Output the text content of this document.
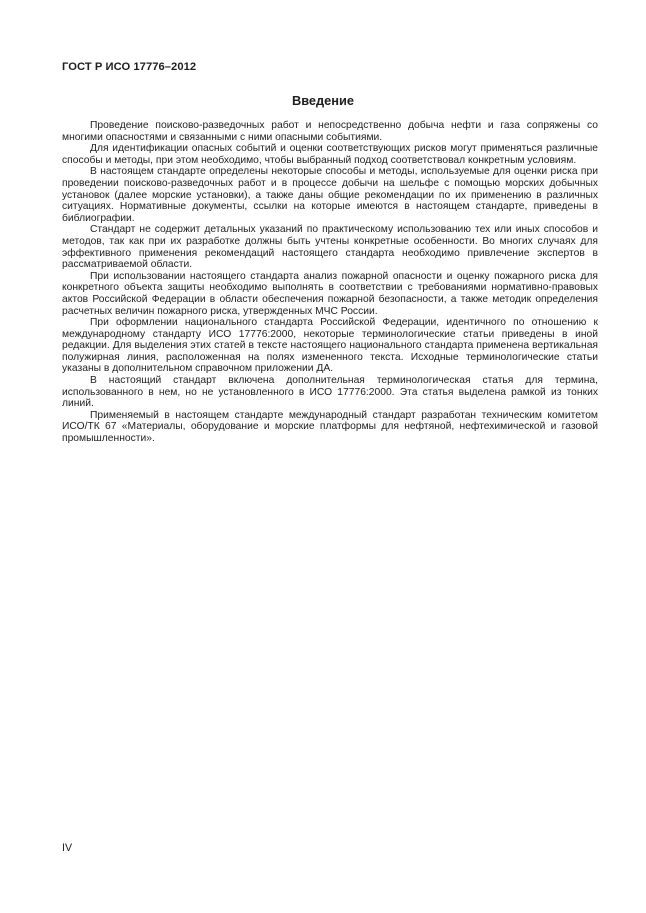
ГОСТ Р ИСО 17776–2012
Введение

Проведение поисково-разведочных работ и непосредственно добыча нефти и газа сопряжены со многими опасностями и связанными с ними опасными событиями.

Для идентификации опасных событий и оценки соответствующих рисков могут применяться различные способы и методы, при этом необходимо, чтобы выбранный подход соответствовал конкретным условиям.

В настоящем стандарте определены некоторые способы и методы, используемые для оценки риска при проведении поисково-разведочных работ и в процессе добычи на шельфе с помощью морских добычных установок (далее морские установки), а также даны общие рекомендации по их применению в различных ситуациях. Нормативные документы, ссылки на которые имеются в настоящем стандарте, приведены в библиографии.

Стандарт не содержит детальных указаний по практическому использованию тех или иных способов и методов, так как при их разработке должны быть учтены конкретные особенности. Во многих случаях для эффективного применения рекомендаций настоящего стандарта необходимо привлечение экспертов в рассматриваемой области.

При использовании настоящего стандарта анализ пожарной опасности и оценку пожарного риска для конкретного объекта защиты необходимо выполнять в соответствии с требованиями нормативно-правовых актов Российской Федерации в области обеспечения пожарной безопасности, а также методик определения расчетных величин пожарного риска, утвержденных МЧС России.

При оформлении национального стандарта Российской Федерации, идентичного по отношению к международному стандарту ИСО 17776:2000, некоторые терминологические статьи приведены в иной редакции. Для выделения этих статей в тексте настоящего национального стандарта применена вертикальная полужирная линия, расположенная на полях измененного текста. Исходные терминологические статьи указаны в дополнительном справочном приложении ДА.

В настоящий стандарт включена дополнительная терминологическая статья для термина, использованного в нем, но не установленного в ИСО 17776:2000. Эта статья выделена рамкой из тонких линий.

Применяемый в настоящем стандарте международный стандарт разработан техническим комитетом ИСО/ТК 67 «Материалы, оборудование и морские платформы для нефтяной, нефтехимической и газовой промышленности».

IV
